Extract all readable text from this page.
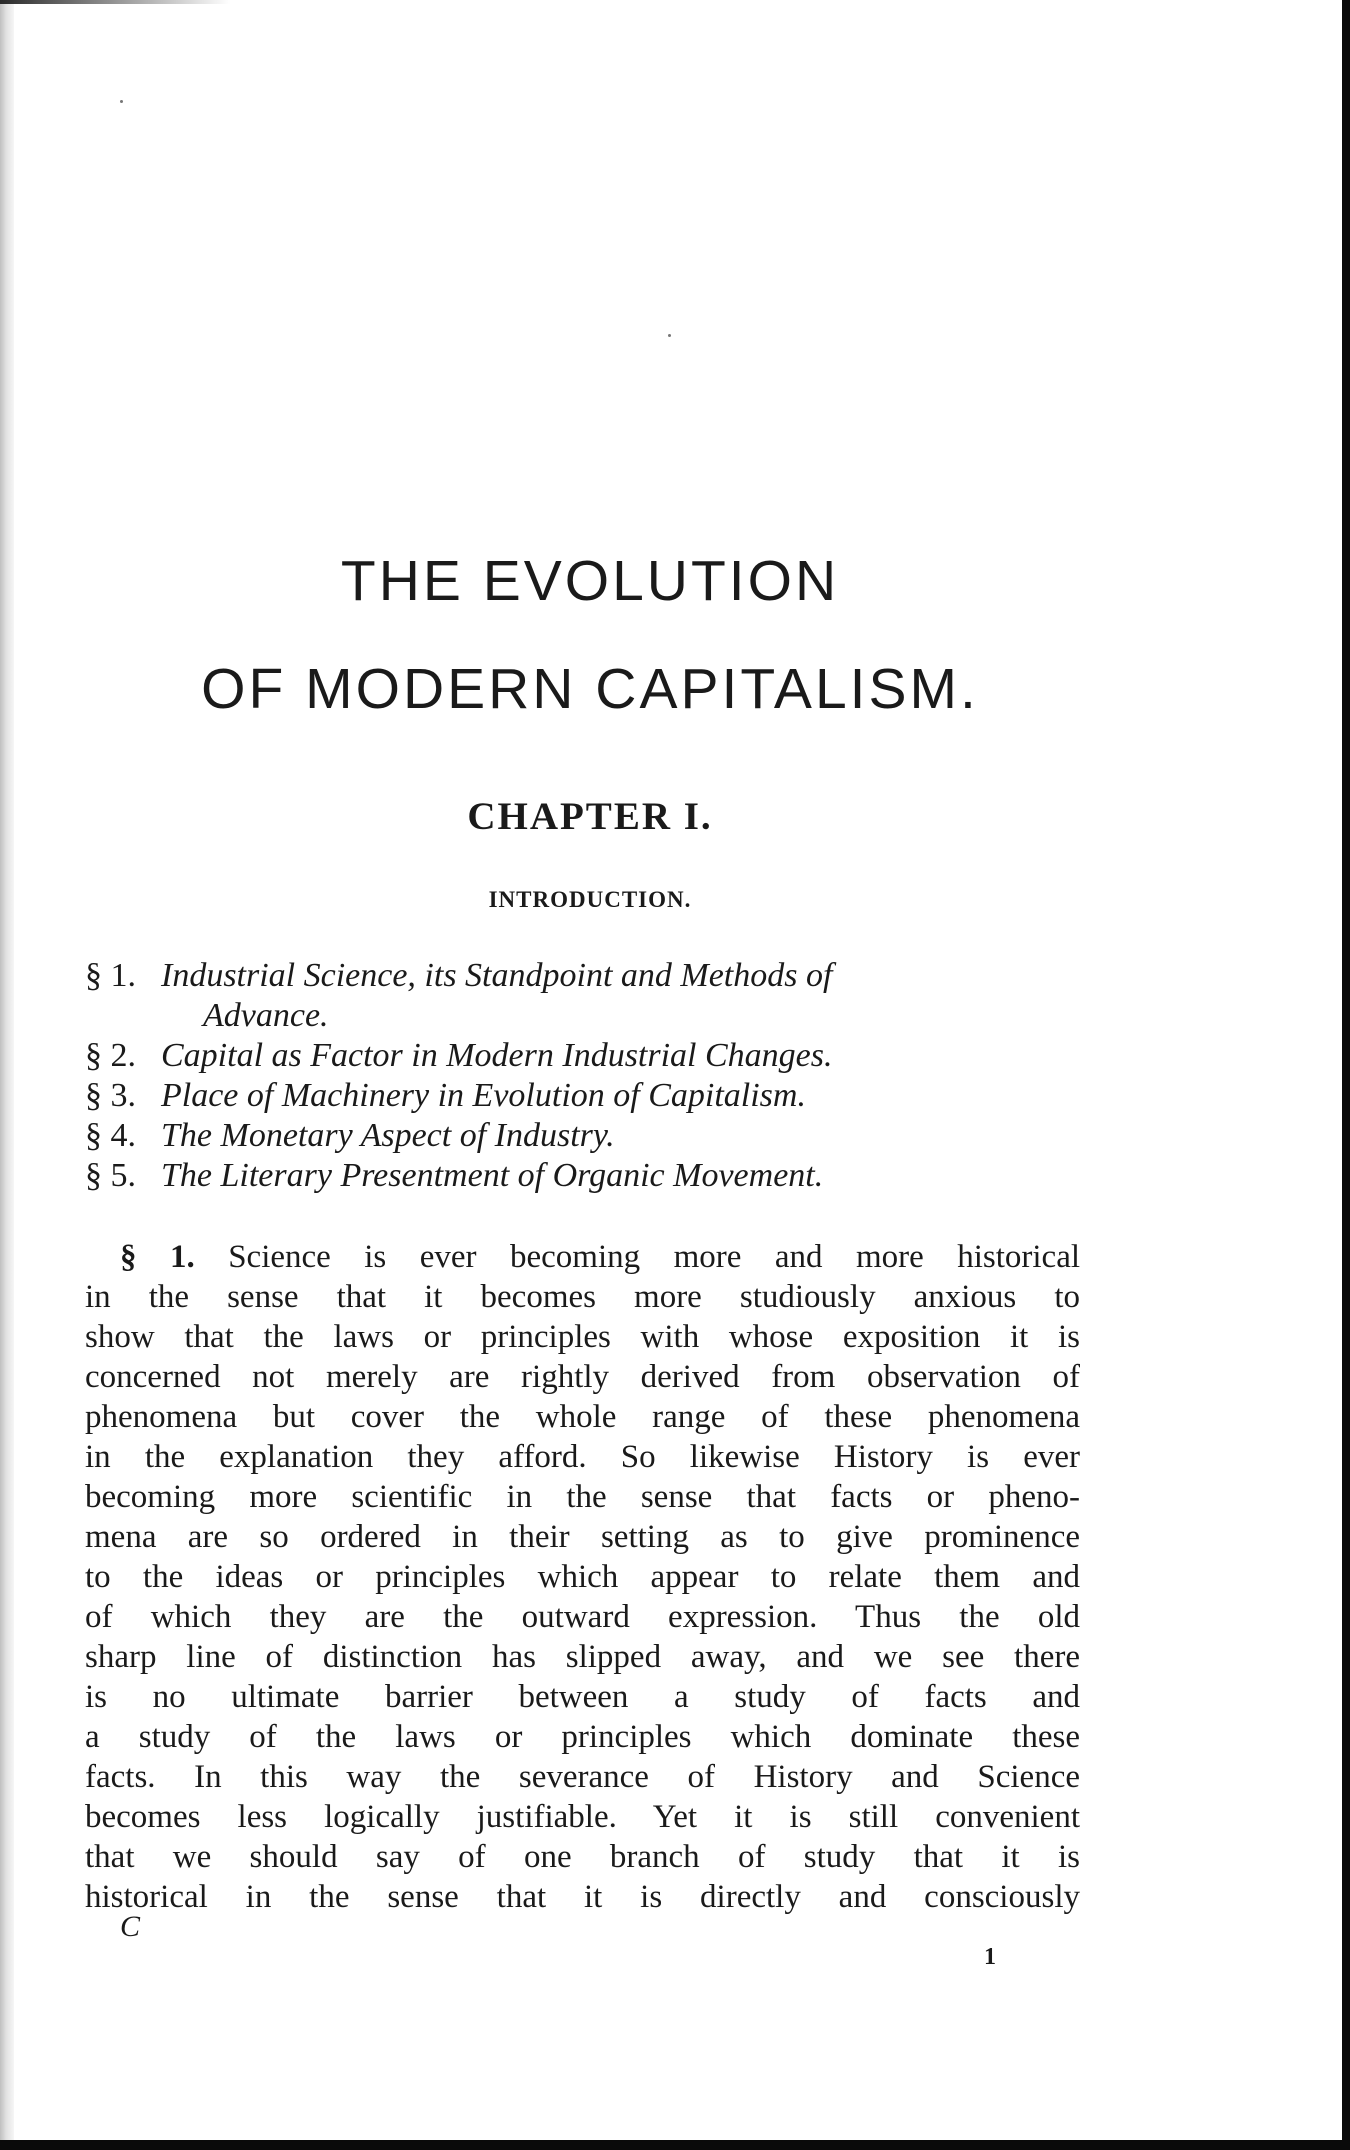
THE EVOLUTION
OF MODERN CAPITALISM.
CHAPTER I.
INTRODUCTION.
§ 1. Industrial Science, its Standpoint and Methods of
Advance.
§ 2. Capital as Factor in Modern Industrial Changes.
§ 3. Place of Machinery in Evolution of Capitalism.
§ 4. The Monetary Aspect of Industry.
§ 5. The Literary Presentment of Organic Movement.
§ 1. Science is ever becoming more and more historical
in the sense that it becomes more studiously anxious to
show that the laws or principles with whose exposition it is
concerned not merely are rightly derived from observation of
phenomena but cover the whole range of these phenomena
in the explanation they afford. So likewise History is ever
becoming more scientific in the sense that facts or pheno-
mena are so ordered in their setting as to give prominence
to the ideas or principles which appear to relate them and
of which they are the outward expression. Thus the old
sharp line of distinction has slipped away, and we see there
is no ultimate barrier between a study of facts and
a study of the laws or principles which dominate these
facts. In this way the severance of History and Science
becomes less logically justifiable. Yet it is still convenient
that we should say of one branch of study that it is
historical in the sense that it is directly and consciously

C

1
